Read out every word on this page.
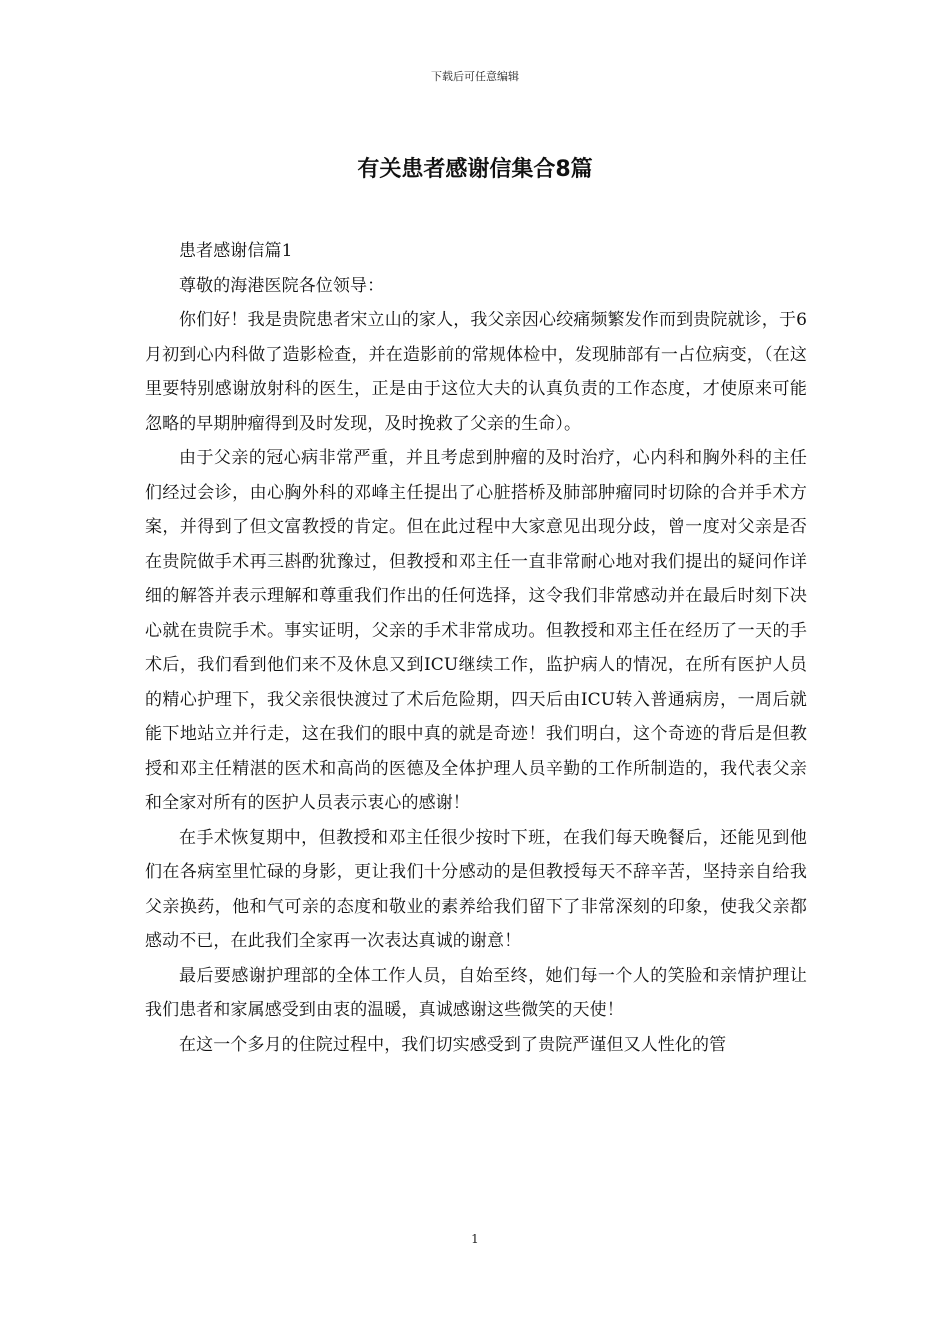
下载后可任意编辑
有关患者感谢信集合8篇

患者感谢信篇1

尊敬的海港医院各位领导：

你们好！我是贵院患者宋立山的家人，我父亲因心绞痛频繁发作而到贵院就诊，于6月初到心内科做了造影检查，并在造影前的常规体检中，发现肺部有一占位病变，（在这里要特别感谢放射科的医生，正是由于这位大夫的认真负责的工作态度，才使原来可能忽略的早期肿瘤得到及时发现，及时挽救了父亲的生命）。

由于父亲的冠心病非常严重，并且考虑到肿瘤的及时治疗，心内科和胸外科的主任们经过会诊，由心胸外科的邓峰主任提出了心脏搭桥及肺部肿瘤同时切除的合并手术方案，并得到了但文富教授的肯定。但在此过程中大家意见出现分歧，曾一度对父亲是否在贵院做手术再三斟酌犹豫过，但教授和邓主任一直非常耐心地对我们提出的疑问作详细的解答并表示理解和尊重我们作出的任何选择，这令我们非常感动并在最后时刻下决心就在贵院手术。事实证明，父亲的手术非常成功。但教授和邓主任在经历了一天的手术后，我们看到他们来不及休息又到ICU继续工作，监护病人的情况，在所有医护人员的精心护理下，我父亲很快渡过了术后危险期，四天后由ICU转入普通病房，一周后就能下地站立并行走，这在我们的眼中真的就是奇迹！我们明白，这个奇迹的背后是但教授和邓主任精湛的医术和高尚的医德及全体护理人员辛勤的工作所制造的，我代表父亲和全家对所有的医护人员表示衷心的感谢！

在手术恢复期中，但教授和邓主任很少按时下班，在我们每天晚餐后，还能见到他们在各病室里忙碌的身影，更让我们十分感动的是但教授每天不辞辛苦，坚持亲自给我父亲换药，他和气可亲的态度和敬业的素养给我们留下了非常深刻的印象，使我父亲都感动不已，在此我们全家再一次表达真诚的谢意！

最后要感谢护理部的全体工作人员，自始至终，她们每一个人的笑脸和亲情护理让我们患者和家属感受到由衷的温暖，真诚感谢这些微笑的天使！

在这一个多月的住院过程中，我们切实感受到了贵院严谨但又人性化的管

1
